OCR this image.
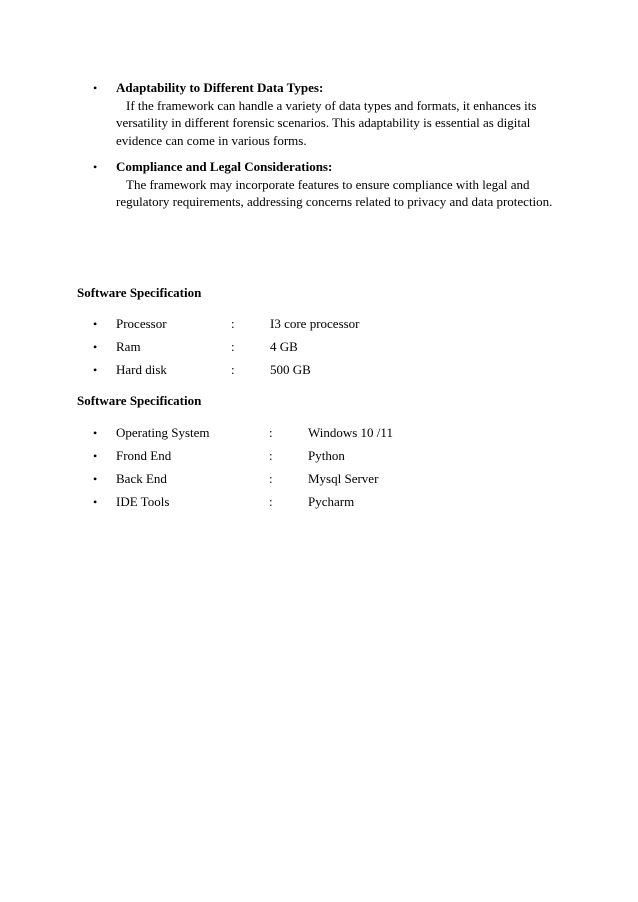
• Adaptability to Different Data Types:
If the framework can handle a variety of data types and formats, it enhances its versatility in different forensic scenarios. This adaptability is essential as digital evidence can come in various forms.
• Compliance and Legal Considerations:
The framework may incorporate features to ensure compliance with legal and regulatory requirements, addressing concerns related to privacy and data protection.
Software Specification
• Processor	:	I3 core processor
• Ram	:	4 GB
• Hard disk	:	500 GB
Software Specification
• Operating System	:	Windows 10 /11
• Frond End	:	Python
• Back End	:	Mysql Server
• IDE Tools	:	Pycharm
